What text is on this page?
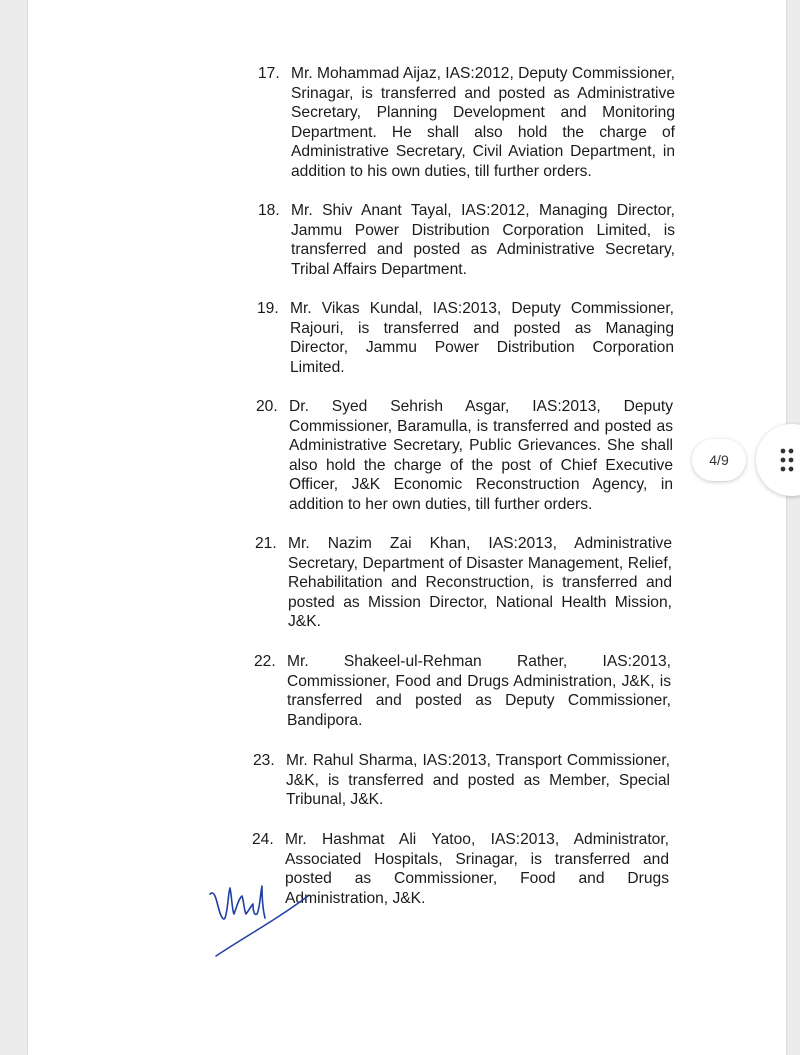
17. Mr. Mohammad Aijaz, IAS:2012, Deputy Commissioner, Srinagar, is transferred and posted as Administrative Secretary, Planning Development and Monitoring Department. He shall also hold the charge of Administrative Secretary, Civil Aviation Department, in addition to his own duties, till further orders.
18. Mr. Shiv Anant Tayal, IAS:2012, Managing Director, Jammu Power Distribution Corporation Limited, is transferred and posted as Administrative Secretary, Tribal Affairs Department.
19. Mr. Vikas Kundal, IAS:2013, Deputy Commissioner, Rajouri, is transferred and posted as Managing Director, Jammu Power Distribution Corporation Limited.
20. Dr. Syed Sehrish Asgar, IAS:2013, Deputy Commissioner, Baramulla, is transferred and posted as Administrative Secretary, Public Grievances. She shall also hold the charge of the post of Chief Executive Officer, J&K Economic Reconstruction Agency, in addition to her own duties, till further orders.
21. Mr. Nazim Zai Khan, IAS:2013, Administrative Secretary, Department of Disaster Management, Relief, Rehabilitation and Reconstruction, is transferred and posted as Mission Director, National Health Mission, J&K.
22. Mr. Shakeel-ul-Rehman Rather, IAS:2013, Commissioner, Food and Drugs Administration, J&K, is transferred and posted as Deputy Commissioner, Bandipora.
23. Mr. Rahul Sharma, IAS:2013, Transport Commissioner, J&K, is transferred and posted as Member, Special Tribunal, J&K.
24. Mr. Hashmat Ali Yatoo, IAS:2013, Administrator, Associated Hospitals, Srinagar, is transferred and posted as Commissioner, Food and Drugs Administration, J&K.
4/9
